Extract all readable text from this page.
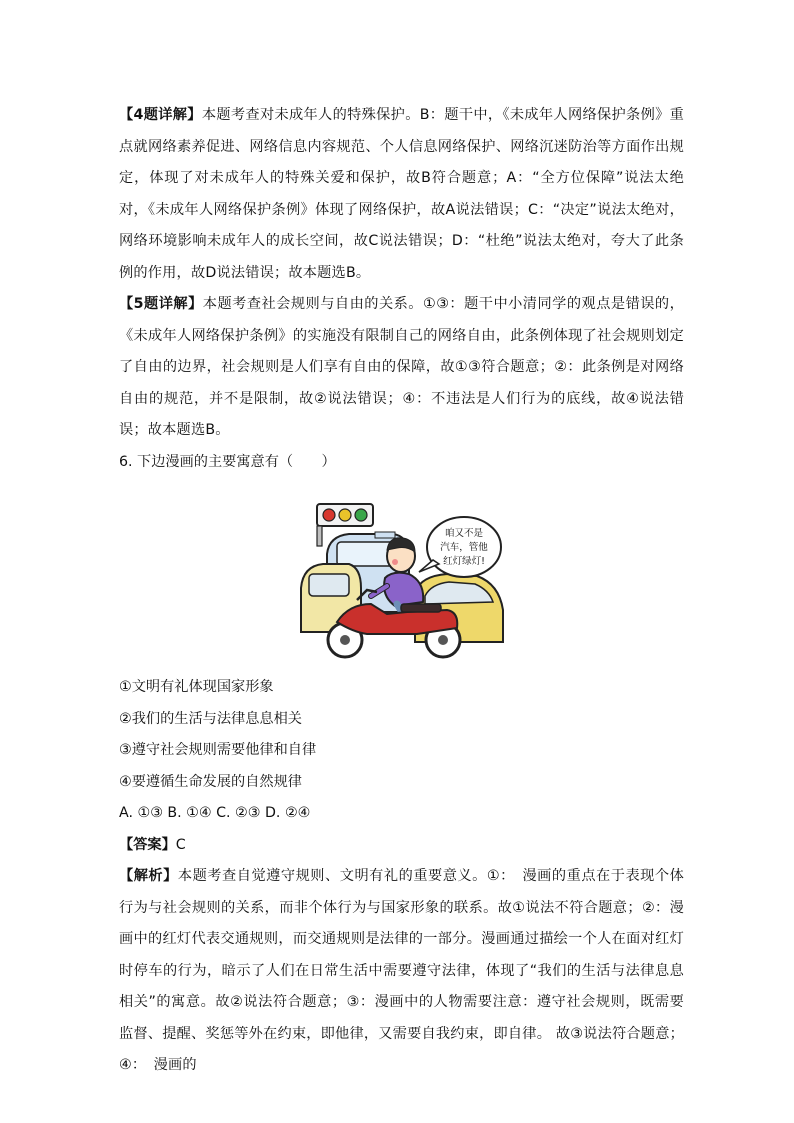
【4题详解】本题考查对未成年人的特殊保护。B：题干中，《未成年人网络保护条例》重点就网络素养促进、网络信息内容规范、个人信息网络保护、网络沉迷防治等方面作出规定，体现了对未成年人的特殊关爱和保护，故B符合题意；A：“全方位保障”说法太绝对，《未成年人网络保护条例》体现了网络保护，故A说法错误；C：“决定”说法太绝对，网络环境影响未成年人的成长空间，故C说法错误；D：“杜绝”说法太绝对，夸大了此条例的作用，故D说法错误；故本题选B。

【5题详解】本题考查社会规则与自由的关系。①③：题干中小清同学的观点是错误的，《未成年人网络保护条例》的实施没有限制自己的网络自由，此条例体现了社会规则划定了自由的边界，社会规则是人们享有自由的保障，故①③符合题意；②：此条例是对网络自由的规范，并不是限制，故②说法错误；④：不违法是人们行为的底线，故④说法错误；故本题选B。

6. 下边漫画的主要寓意有（　　）

咱又不是
汽车，管他
红灯绿灯!

①文明有礼体现国家形象

②我们的生活与法律息息相关

③遵守社会规则需要他律和自律

④要遵循生命发展的自然规律

A. ①③ B. ①④ C. ②③ D. ②④

【答案】C

【解析】本题考查自觉遵守规则、文明有礼的重要意义。①：　漫画的重点在于表现个体行为与社会规则的关系，而非个体行为与国家形象的联系。故①说法不符合题意；②：漫画中的红灯代表交通规则，而交通规则是法律的一部分。漫画通过描绘一个人在面对红灯时停车的行为，暗示了人们在日常生活中需要遵守法律，体现了“我们的生活与法律息息相关”的寓意。故②说法符合题意；③：漫画中的人物需要注意：遵守社会规则，既需要监督、提醒、奖惩等外在约束，即他律，又需要自我约束，即自律。 故③说法符合题意；④：　漫画的
